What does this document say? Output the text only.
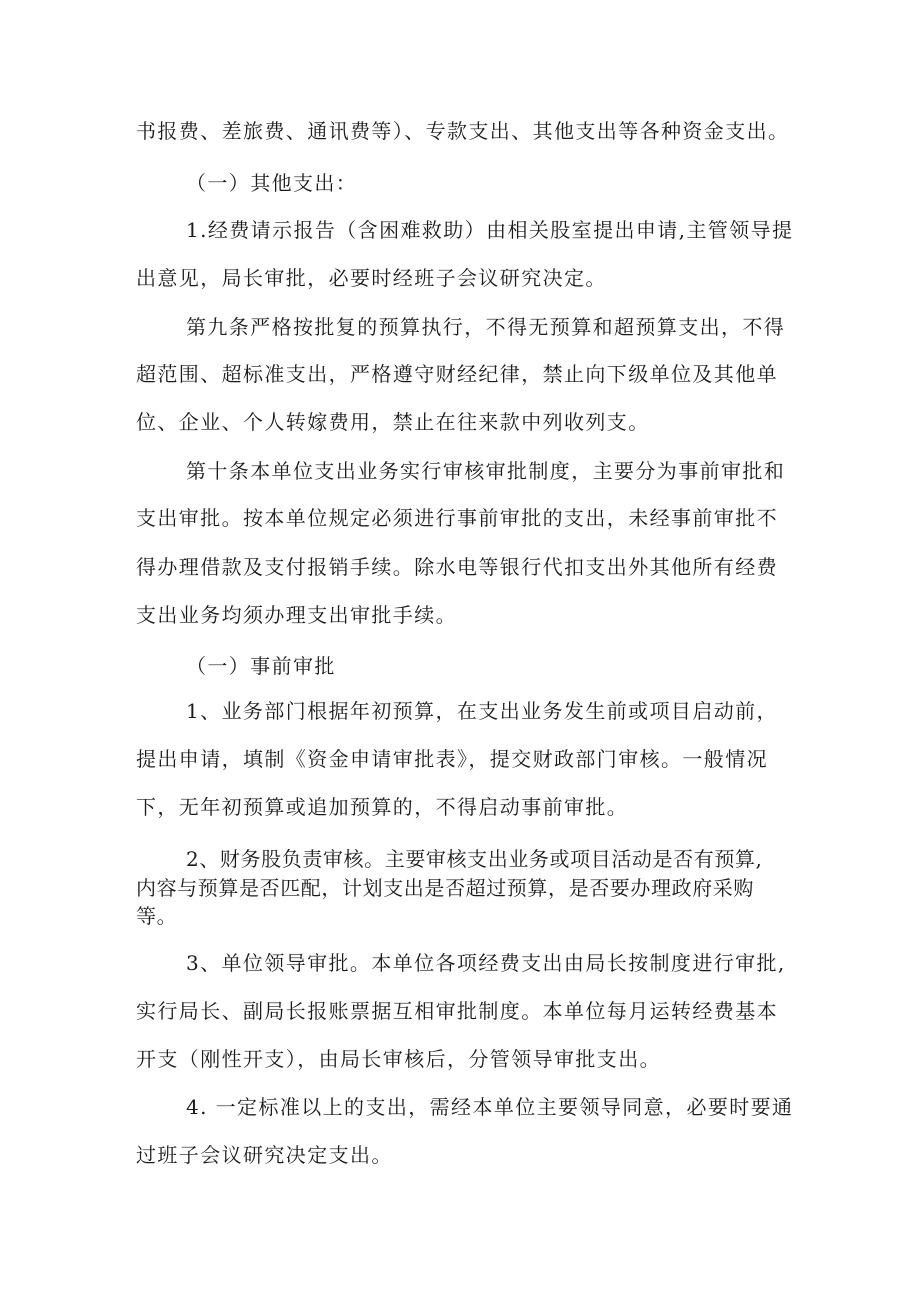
书报费、差旅费、通讯费等）、专款支出、其他支出等各种资金支出。
（一）其他支出：
1.经费请示报告（含困难救助）由相关股室提出申请,主管领导提
出意见，局长审批，必要时经班子会议研究决定。
第九条严格按批复的预算执行，不得无预算和超预算支出，不得
超范围、超标准支出，严格遵守财经纪律，禁止向下级单位及其他单
位、企业、个人转嫁费用，禁止在往来款中列收列支。
第十条本单位支出业务实行审核审批制度，主要分为事前审批和
支出审批。按本单位规定必须进行事前审批的支出，未经事前审批不
得办理借款及支付报销手续。除水电等银行代扣支出外其他所有经费
支出业务均须办理支出审批手续。
（一）事前审批
1、业务部门根据年初预算，在支出业务发生前或项目启动前，
提出申请，填制《资金申请审批表》，提交财政部门审核。一般情况
下，无年初预算或追加预算的，不得启动事前审批。
2、财务股负责审核。主要审核支出业务或项目活动是否有预算,
内容与预算是否匹配，计划支出是否超过预算，是否要办理政府采购
等。
3、单位领导审批。本单位各项经费支出由局长按制度进行审批,
实行局长、副局长报账票据互相审批制度。本单位每月运转经费基本
开支（刚性开支），由局长审核后，分管领导审批支出。
4. 一定标准以上的支出，需经本单位主要领导同意，必要时要通
过班子会议研究决定支出。
